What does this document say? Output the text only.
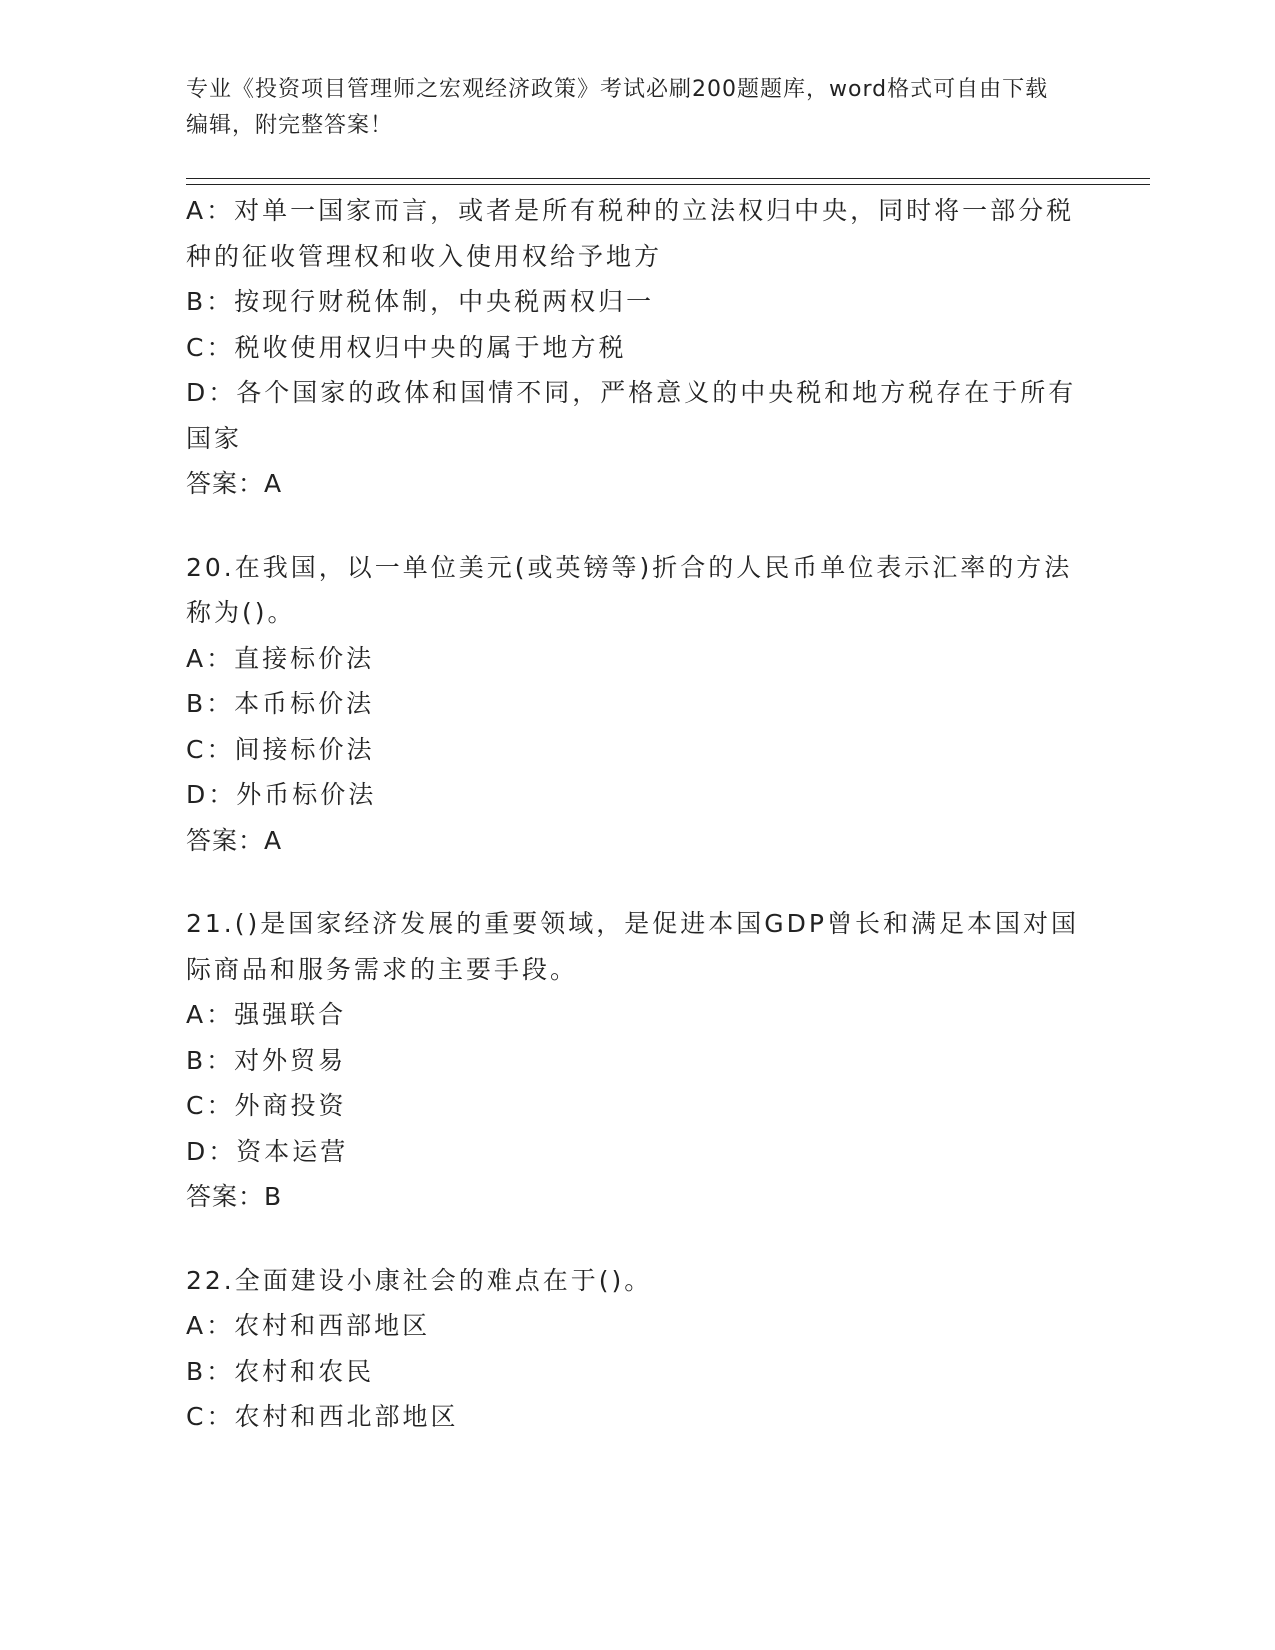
专业《投资项目管理师之宏观经济政策》考试必刷200题题库，word格式可自由下载编辑，附完整答案！
A：对单一国家而言，或者是所有税种的立法权归中央，同时将一部分税种的征收管理权和收入使用权给予地方
B：按现行财税体制，中央税两权归一
C：税收使用权归中央的属于地方税
D：各个国家的政体和国情不同，严格意义的中央税和地方税存在于所有国家
答案：A
20.在我国，以一单位美元(或英镑等)折合的人民币单位表示汇率的方法称为()。
A：直接标价法
B：本币标价法
C：间接标价法
D：外币标价法
答案：A
21.()是国家经济发展的重要领域，是促进本国GDP曾长和满足本国对国际商品和服务需求的主要手段。
A：强强联合
B：对外贸易
C：外商投资
D：资本运营
答案：B
22.全面建设小康社会的难点在于()。
A：农村和西部地区
B：农村和农民
C：农村和西北部地区
